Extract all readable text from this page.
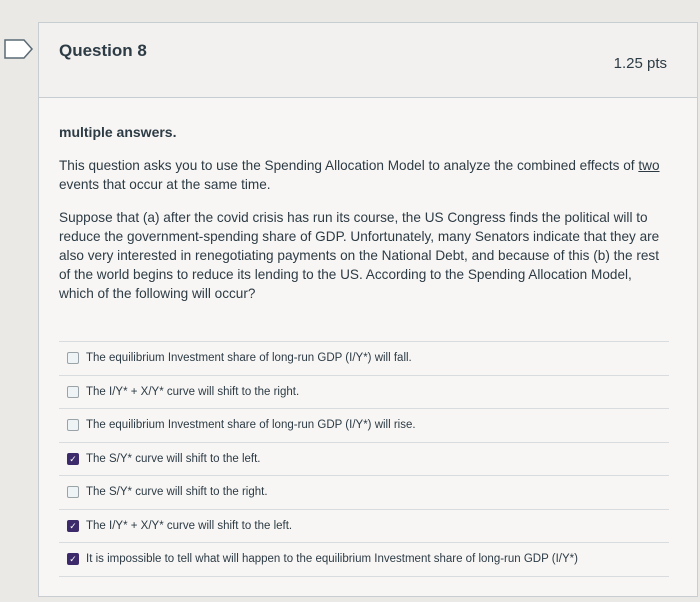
Question 8
1.25 pts
multiple answers.

This question asks you to use the Spending Allocation Model to analyze the combined effects of two events that occur at the same time.

Suppose that (a) after the covid crisis has run its course, the US Congress finds the political will to reduce the government-spending share of GDP. Unfortunately, many Senators indicate that they are also very interested in renegotiating payments on the National Debt, and because of this (b) the rest of the world begins to reduce its lending to the US. According to the Spending Allocation Model, which of the following will occur?

The equilibrium Investment share of long-run GDP (I/Y*) will fall.
The I/Y* + X/Y* curve will shift to the right.
The equilibrium Investment share of long-run GDP (I/Y*) will rise.
✓ The S/Y* curve will shift to the left.
The S/Y* curve will shift to the right.
✓ The I/Y* + X/Y* curve will shift to the left.
✓ It is impossible to tell what will happen to the equilibrium Investment share of long-run GDP (I/Y*)
